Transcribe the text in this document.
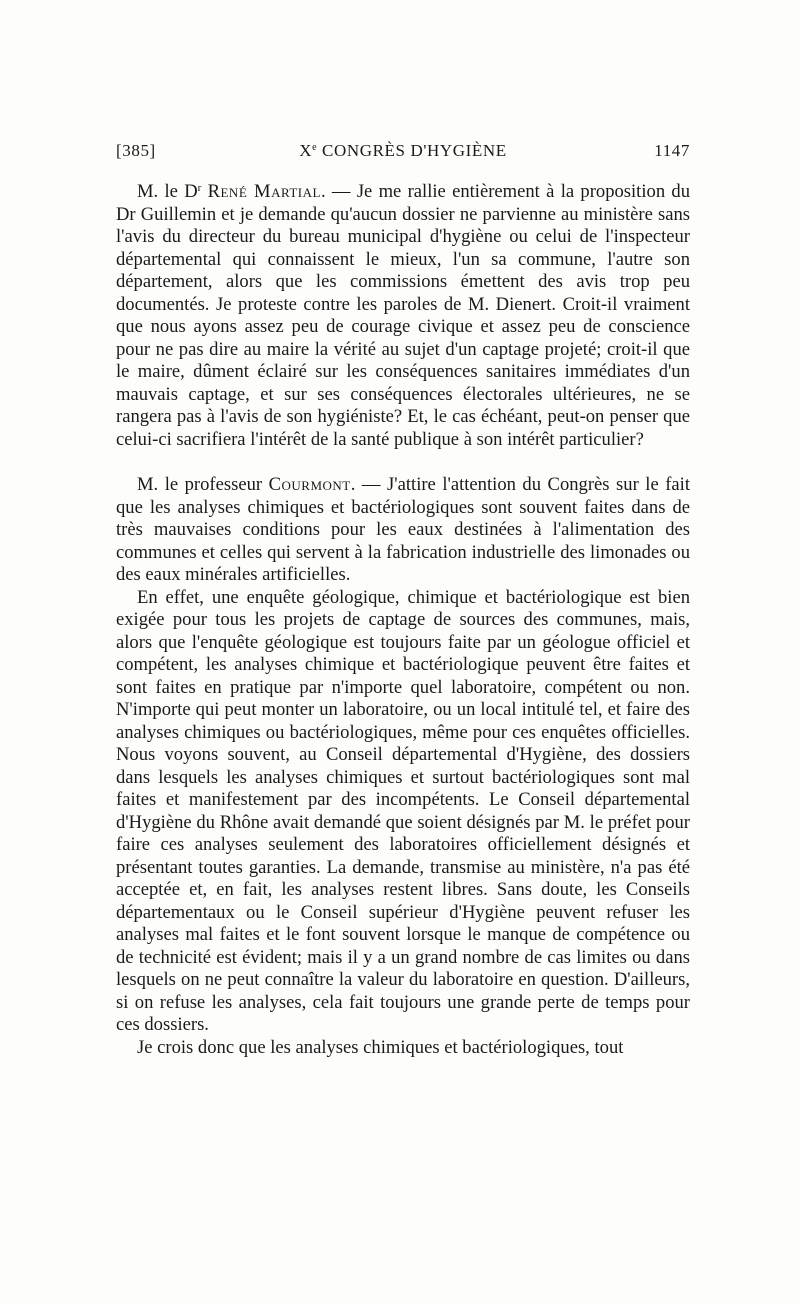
[385]	Xe CONGRÈS D'HYGIÈNE	1147

M. le $D^r$ René Martial. — Je me rallie entièrement à la proposition du Dr Guillemin et je demande qu'aucun dossier ne parvienne au ministère sans l'avis du directeur du bureau municipal d'hygiène ou celui de l'inspecteur départemental qui connaissent le mieux, l'un sa commune, l'autre son département, alors que les commissions émettent des avis trop peu documentés. Je proteste contre les paroles de M. Dienert. Croit-il vraiment que nous ayons assez peu de courage civique et assez peu de conscience pour ne pas dire au maire la vérité au sujet d'un captage projeté; croit-il que le maire, dûment éclairé sur les conséquences sanitaires immédiates d'un mauvais captage, et sur ses conséquences électorales ultérieures, ne se rangera pas à l'avis de son hygiéniste? Et, le cas échéant, peut-on penser que celui-ci sacrifiera l'intérêt de la santé publique à son intérêt particulier?

M. le professeur Courmont. — J'attire l'attention du Congrès sur le fait que les analyses chimiques et bactériologiques sont souvent faites dans de très mauvaises conditions pour les eaux destinées à l'alimentation des communes et celles qui servent à la fabrication industrielle des limonades ou des eaux minérales artificielles.

En effet, une enquête géologique, chimique et bactériologique est bien exigée pour tous les projets de captage de sources des communes, mais, alors que l'enquête géologique est toujours faite par un géologue officiel et compétent, les analyses chimique et bactériologique peuvent être faites et sont faites en pratique par n'importe quel laboratoire, compétent ou non. N'importe qui peut monter un laboratoire, ou un local intitulé tel, et faire des analyses chimiques ou bactériologiques, même pour ces enquêtes officielles. Nous voyons souvent, au Conseil départemental d'Hygiène, des dossiers dans lesquels les analyses chimiques et surtout bactériologiques sont mal faites et manifestement par des incompétents. Le Conseil départemental d'Hygiène du Rhône avait demandé que soient désignés par M. le préfet pour faire ces analyses seulement des laboratoires officiellement désignés et présentant toutes garanties. La demande, transmise au ministère, n'a pas été acceptée et, en fait, les analyses restent libres. Sans doute, les Conseils départementaux ou le Conseil supérieur d'Hygiène peuvent refuser les analyses mal faites et le font souvent lorsque le manque de compétence ou de technicité est évident; mais il y a un grand nombre de cas limites ou dans lesquels on ne peut connaître la valeur du laboratoire en question. D'ailleurs, si on refuse les analyses, cela fait toujours une grande perte de temps pour ces dossiers.

Je crois donc que les analyses chimiques et bactériologiques, tout
